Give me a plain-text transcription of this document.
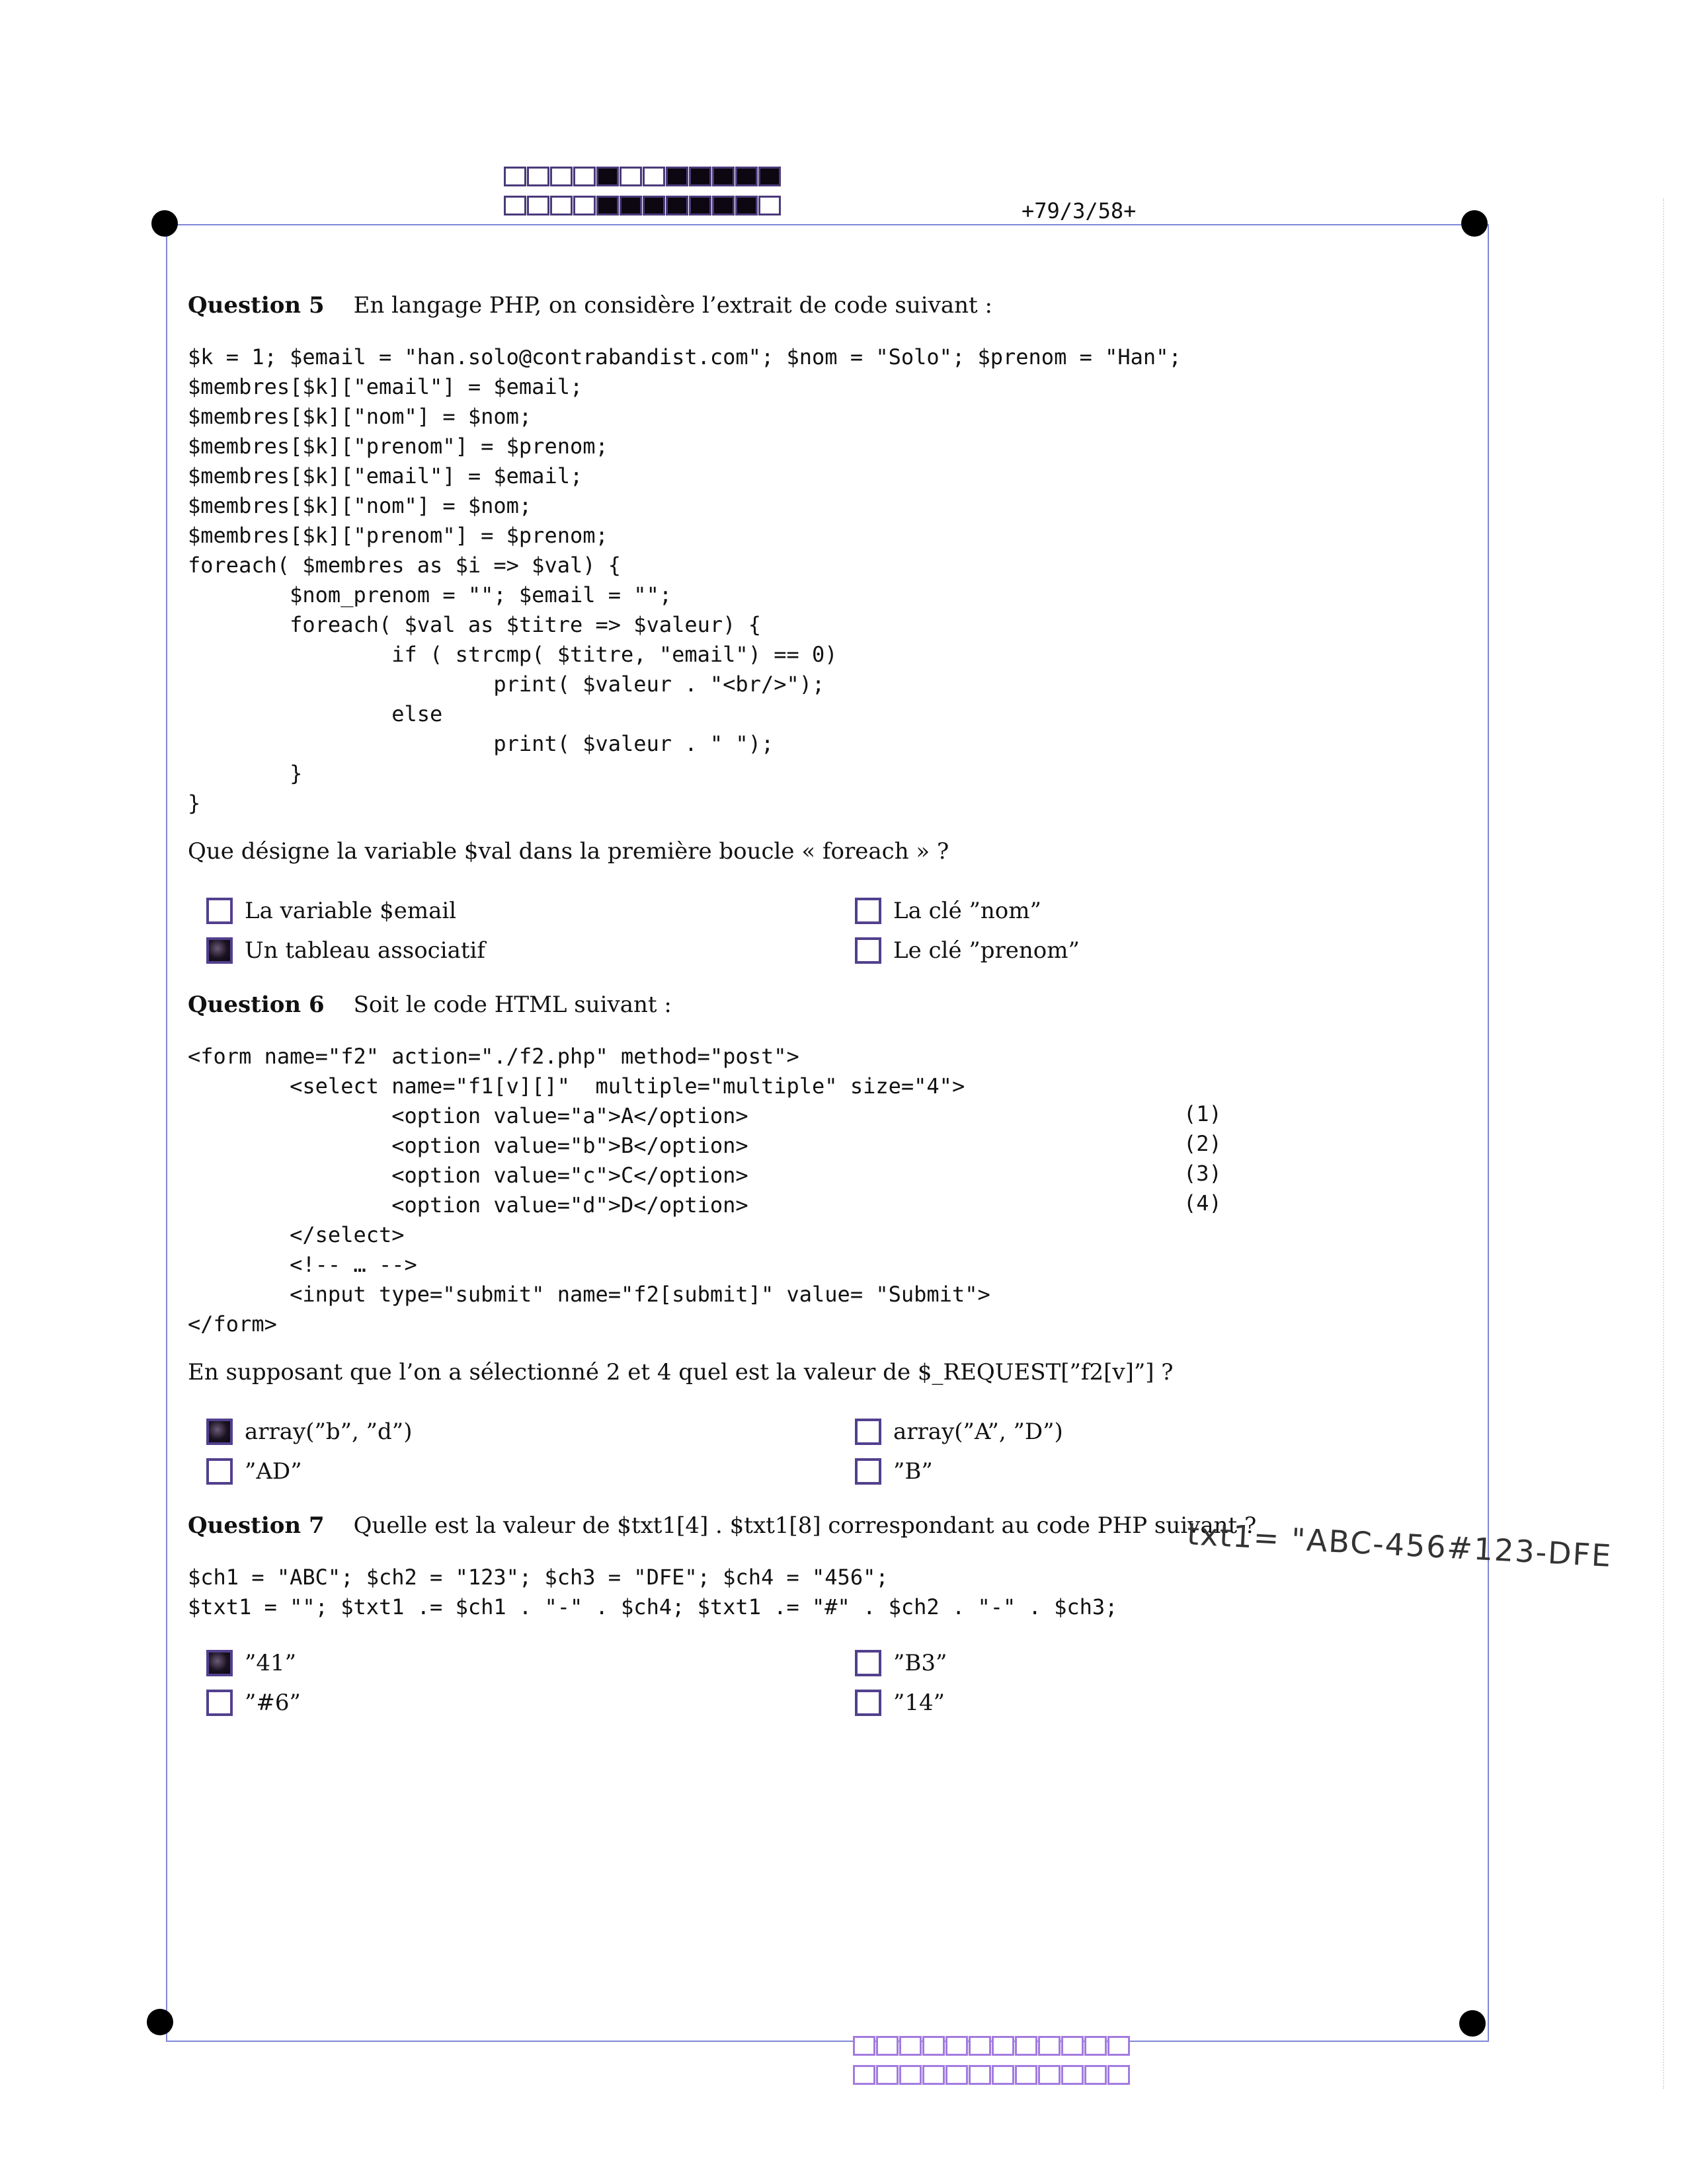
+79/3/58+
Question 5 En langage PHP, on considère l’extrait de code suivant :
$k = 1; $email = "han.solo@contrabandist.com"; $nom = "Solo"; $prenom = "Han";
$membres[$k]["email"] = $email;
$membres[$k]["nom"] = $nom;
$membres[$k]["prenom"] = $prenom;
$membres[$k]["email"] = $email;
$membres[$k]["nom"] = $nom;
$membres[$k]["prenom"] = $prenom;
foreach( $membres as $i => $val) {
$nom_prenom = ""; $email = "";
foreach( $val as $titre => $valeur) {
if ( strcmp( $titre, "email") == 0)
print( $valeur . "<br/>");
else
print( $valeur . " ");
}
}
Que désigne la variable $val dans la première boucle « foreach » ?
La variable $email	La clé ”nom”
Un tableau associatif	Le clé ”prenom”
Question 6 Soit le code HTML suivant :
<form name="f2" action="./f2.php" method="post">
<select name="f1[v][]"  multiple="multiple" size="4">
<option value="a">A</option>
<option value="b">B</option>
<option value="c">C</option>
<option value="d">D</option>
</select>
<!-- … -->
<input type="submit" name="f2[submit]" value= "Submit">
</form>
(1)
(2)
(3)
(4)
En supposant que l’on a sélectionné 2 et 4 quel est la valeur de $_REQUEST[”f2[v]”] ?
array(”b”, ”d”)	array(”A”, ”D”)
”AD”	”B”
Question 7 Quelle est la valeur de $txt1[4] . $txt1[8] correspondant au code PHP suivant ?
txt1= "ABC-456#123-DFE
$ch1 = "ABC"; $ch2 = "123"; $ch3 = "DFE"; $ch4 = "456";
$txt1 = ""; $txt1 .= $ch1 . "-" . $ch4; $txt1 .= "#" . $ch2 . "-" . $ch3;
”41”	”B3”
”#6”	”14”
